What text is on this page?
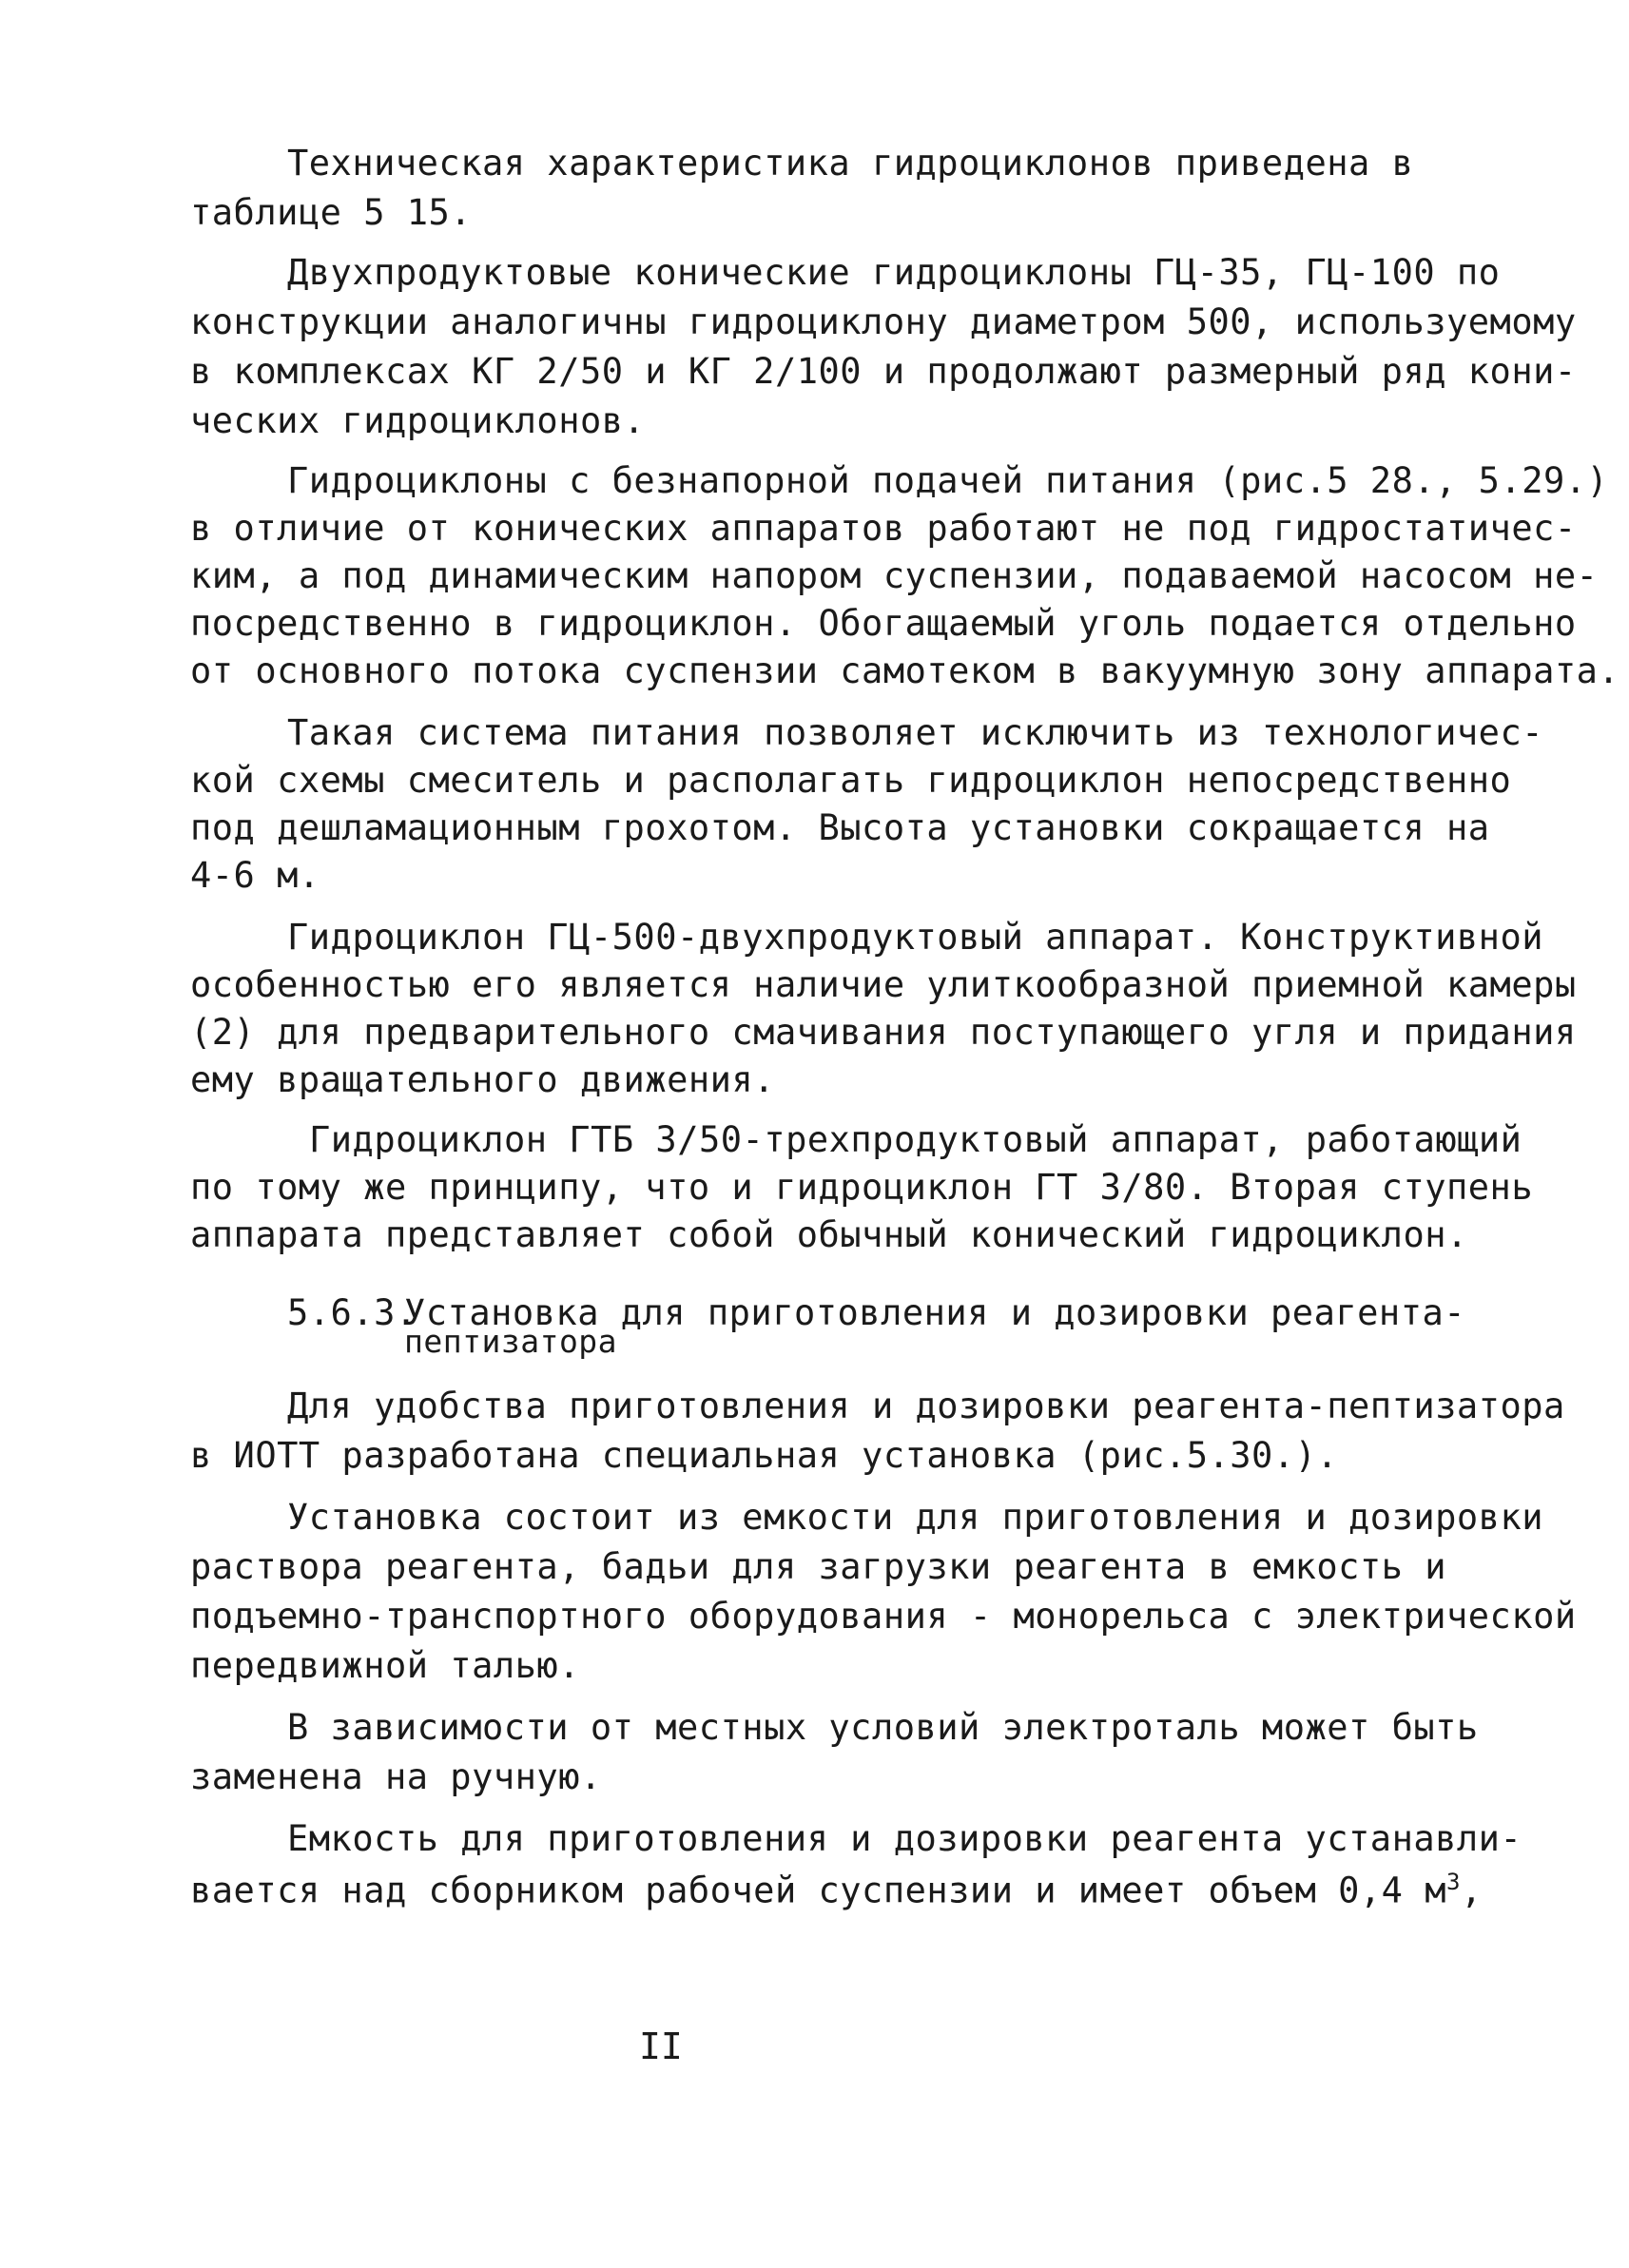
Техническая характеристика гидроциклонов приведена в
таблице 5 15.
Двухпродуктовые конические гидроциклоны ГЦ-35, ГЦ-100 по
конструкции аналогичны гидроциклону диаметром 500, используемому
в комплексах КГ 2/50 и КГ 2/100 и продолжают размерный ряд кони-
ческих гидроциклонов.
Гидроциклоны с безнапорной подачей питания (рис.5 28., 5.29.)
в отличие от конических аппаратов работают не под гидростатичес-
ким, а под динамическим напором суспензии, подаваемой насосом не-
посредственно в гидроциклон. Обогащаемый уголь подается отдельно
от основного потока суспензии самотеком в вакуумную зону аппарата.
Такая система питания позволяет исключить из технологичес-
кой схемы смеситель и располагать гидроциклон непосредственно
под дешламационным грохотом. Высота установки сокращается на
4-6 м.
Гидроциклон ГЦ-500-двухпродуктовый аппарат. Конструктивной
особенностью его является наличие улиткообразной приемной камеры
(2) для предварительного смачивания поступающего угля и придания
ему вращательного движения.
Гидроциклон ГТБ 3/50-трехпродуктовый аппарат, работающий
по тому же принципу, что и гидроциклон ГТ 3/80. Вторая ступень
аппарата представляет собой обычный конический гидроциклон.
5.6.3.
Установка для приготовления и дозировки реагента-
пептизатора
Для удобства приготовления и дозировки реагента-пептизатора
в ИОТТ разработана специальная установка (рис.5.30.).
Установка состоит из емкости для приготовления и дозировки
раствора реагента, бадьи для загрузки реагента в емкость и
подъемно-транспортного оборудования - монорельса с электрической
передвижной талью.
В зависимости от местных условий электроталь может быть
заменена на ручную.
Емкость для приготовления и дозировки реагента устанавли-
вается над сборником рабочей суспензии и имеет объем 0,4 $м^3$,
II
